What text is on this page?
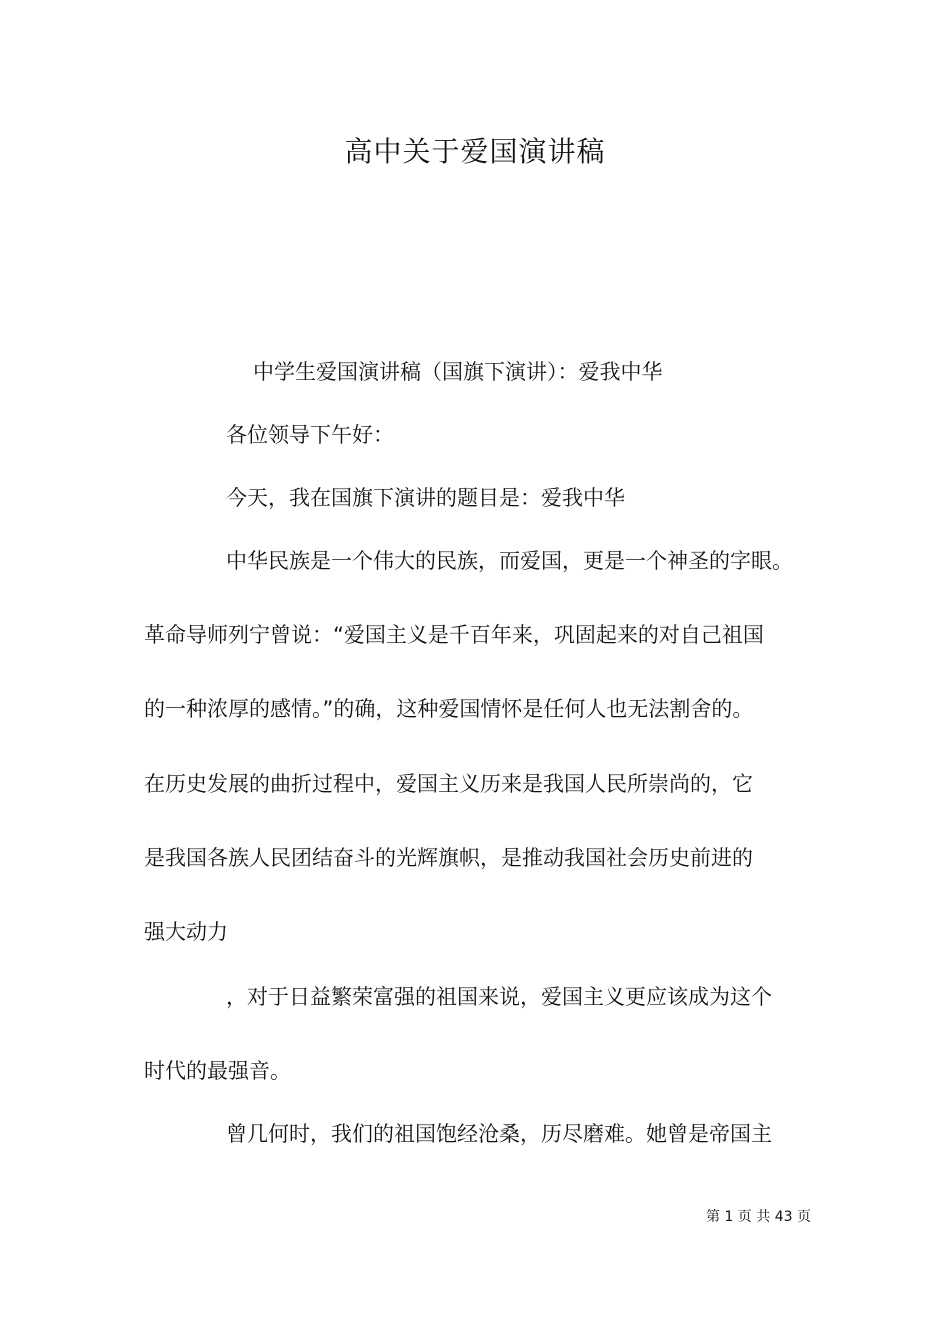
高中关于爱国演讲稿
中学生爱国演讲稿（国旗下演讲）：爱我中华
各位领导下午好：
今天，我在国旗下演讲的题目是：爱我中华
中华民族是一个伟大的民族，而爱国，更是一个神圣的字眼。
革命导师列宁曾说：“爱国主义是千百年来，巩固起来的对自己祖国
的一种浓厚的感情。”的确，这种爱国情怀是任何人也无法割舍的。
在历史发展的曲折过程中，爱国主义历来是我国人民所崇尚的，它
是我国各族人民团结奋斗的光辉旗帜，是推动我国社会历史前进的
强大动力
，对于日益繁荣富强的祖国来说，爱国主义更应该成为这个
时代的最强音。
曾几何时，我们的祖国饱经沧桑，历尽磨难。她曾是帝国主
第 1 页 共 43 页
